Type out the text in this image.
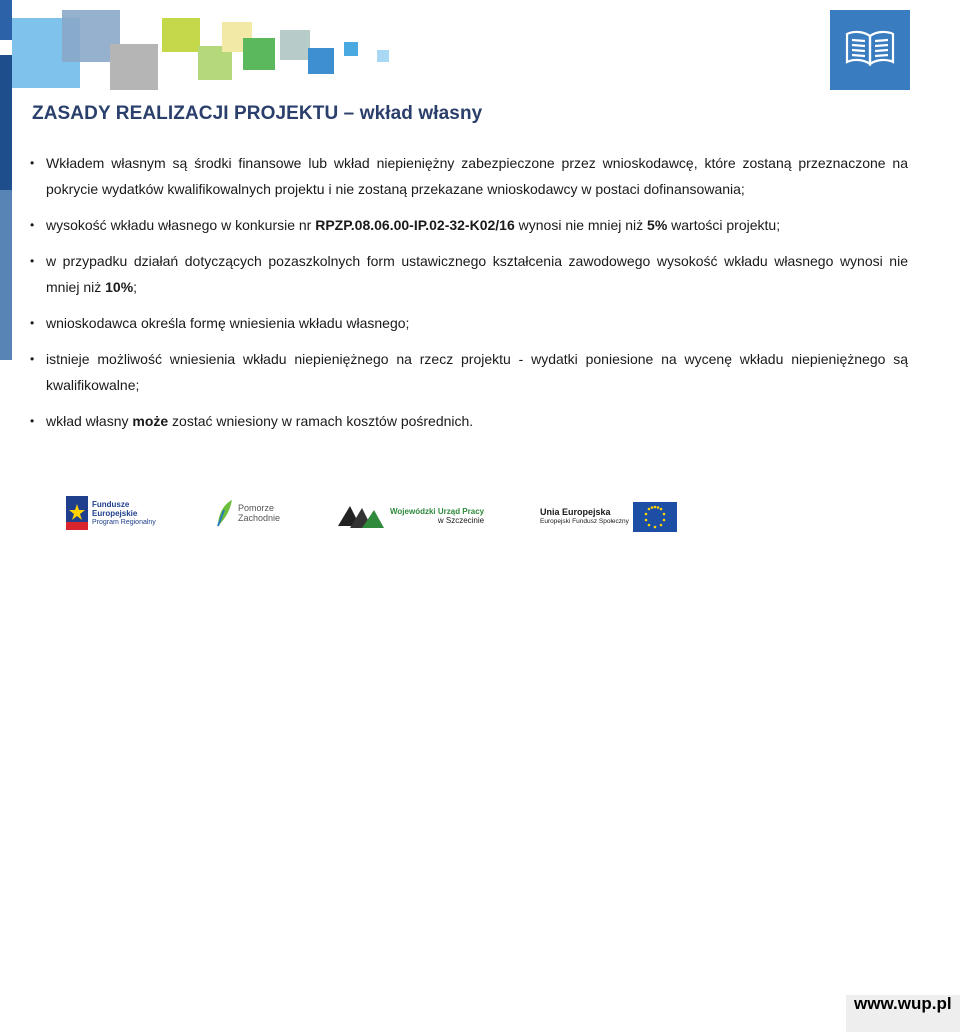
ZASADY REALIZACJI PROJEKTU – wkład własny
• Wkładem własnym są środki finansowe lub wkład niepieniężny zabezpieczone przez wnioskodawcę, które zostaną przeznaczone na pokrycie wydatków kwalifikowalnych projektu i nie zostaną przekazane wnioskodawcy w postaci dofinansowania;
• wysokość wkładu własnego w konkursie nr RPZP.08.06.00-IP.02-32-K02/16 wynosi nie mniej niż 5% wartości projektu;
• w przypadku działań dotyczących pozaszkolnych form ustawicznego kształcenia zawodowego wysokość wkładu własnego wynosi nie mniej niż 10%;
• wnioskodawca określa formę wniesienia wkładu własnego;
• istnieje możliwość wniesienia wkładu niepieniężnego na rzecz projektu - wydatki poniesione na wycenę wkładu niepieniężnego są kwalifikowalne;
• wkład własny może zostać wniesiony w ramach kosztów pośrednich.
Fundusze
Europejskie
Program Regionalny
Pomorze
Zachodnie
Wojewódzki Urząd Pracy
w Szczecinie
Unia Europejska
Europejski Fundusz Społeczny
www.wup.pl
